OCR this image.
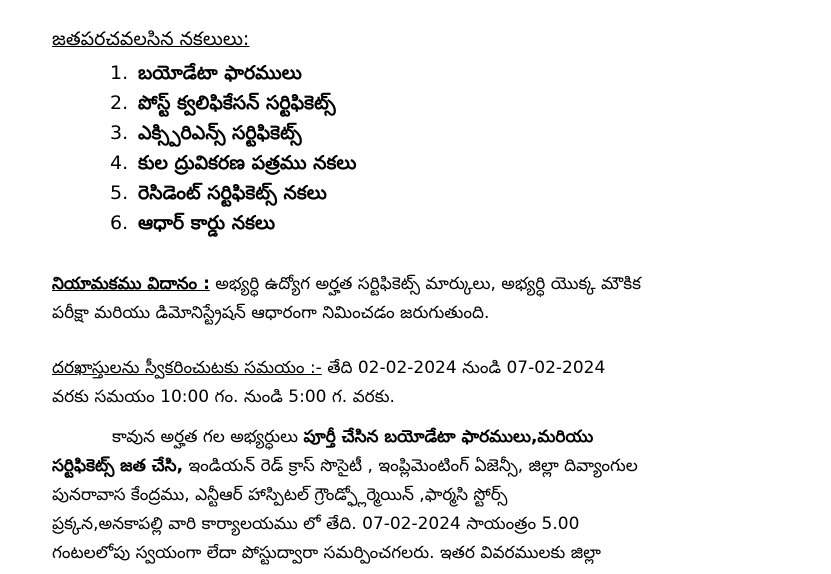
జతపరచవలసిన నకలులు:
1. బయోడేటా ఫారములు
2. పోస్ట్ క్వలిఫికేసన్ సర్టిఫికెట్స్
3. ఎక్స్పిరిఎన్స్ సర్టిఫికెట్స్
4. కుల ద్రువికరణ పత్రము నకలు
5. రెసిడెంట్ సర్టిఫికెట్స్ నకలు
6. ఆధార్ కార్డు నకలు
నియామకము విదానం : అభ్యర్ధి ఉద్యోగ అర్హత సర్టిఫికెట్స్ మార్కులు, అభ్యర్ధి యొక్క మౌకిక
పరీక్షా మరియు డిమోనిస్ట్రేషన్ ఆధారంగా నిమించడం జరుగుతుంది.
దరఖాస్తులను స్వీకరించుటకు సమయం :- తేది 02-02-2024 నుండి 07-02-2024
వరకు సమయం 10:00 గం. నుండి 5:00 గ. వరకు.
కావున అర్హత గల అభ్యర్ధులు పూర్తీ చేసిన బయోడేటా ఫారములు,మరియు
సర్టిఫికెట్స్ జత చేసి, ఇండియన్ రెడ్ క్రాస్ సొసైటీ , ఇంప్లిమెంటింగ్ ఏజెన్సీ, జిల్లా దివ్యాంగుల
పునరావాస కేంద్రము, ఎన్టీఆర్ హాస్పిటల్ గ్రౌండ్ఫ్లోర్మెయిన్ ,ఫార్మసి స్టోర్స్
ప్రక్కన,అనకాపల్లి వారి కార్యాలయము లో తేది. 07-02-2024 సాయంత్రం 5.00
గంటలలోపు స్వయంగా లేదా పోస్టుద్వారా సమర్పించగలరు. ఇతర వివరములకు జిల్లా
